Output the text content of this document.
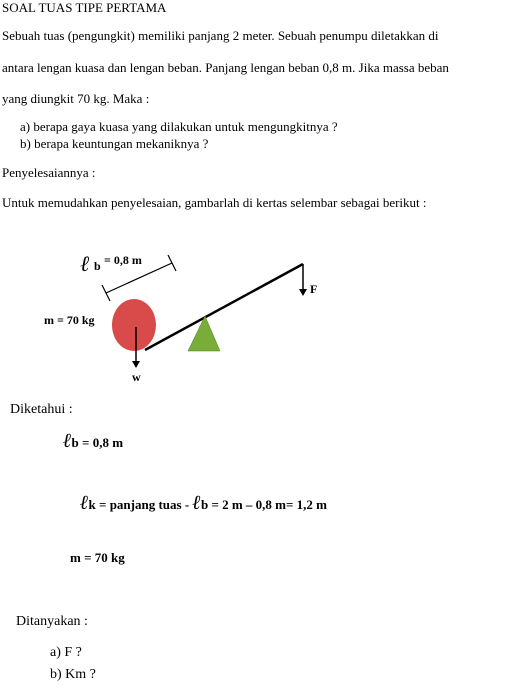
SOAL TUAS TIPE PERTAMA
Sebuah tuas (pengungkit) memiliki panjang 2 meter. Sebuah penumpu diletakkan di
antara lengan kuasa dan lengan beban. Panjang lengan beban 0,8 m. Jika massa beban
yang diungkit 70 kg. Maka :
a) berapa gaya kuasa yang dilakukan untuk mengungkitnya ?
b) berapa keuntungan mekaniknya ?
Penyelesaiannya :
Untuk memudahkan penyelesaian, gambarlah di kertas selembar sebagai berikut :
ℓ b = 0,8 m
m = 70 kg
F
w
Diketahui :
ℓb = 0,8 m
ℓk = panjang tuas - ℓb = 2 m – 0,8 m= 1,2 m
m = 70 kg
Ditanyakan :
a) F ?
b) Km ?
